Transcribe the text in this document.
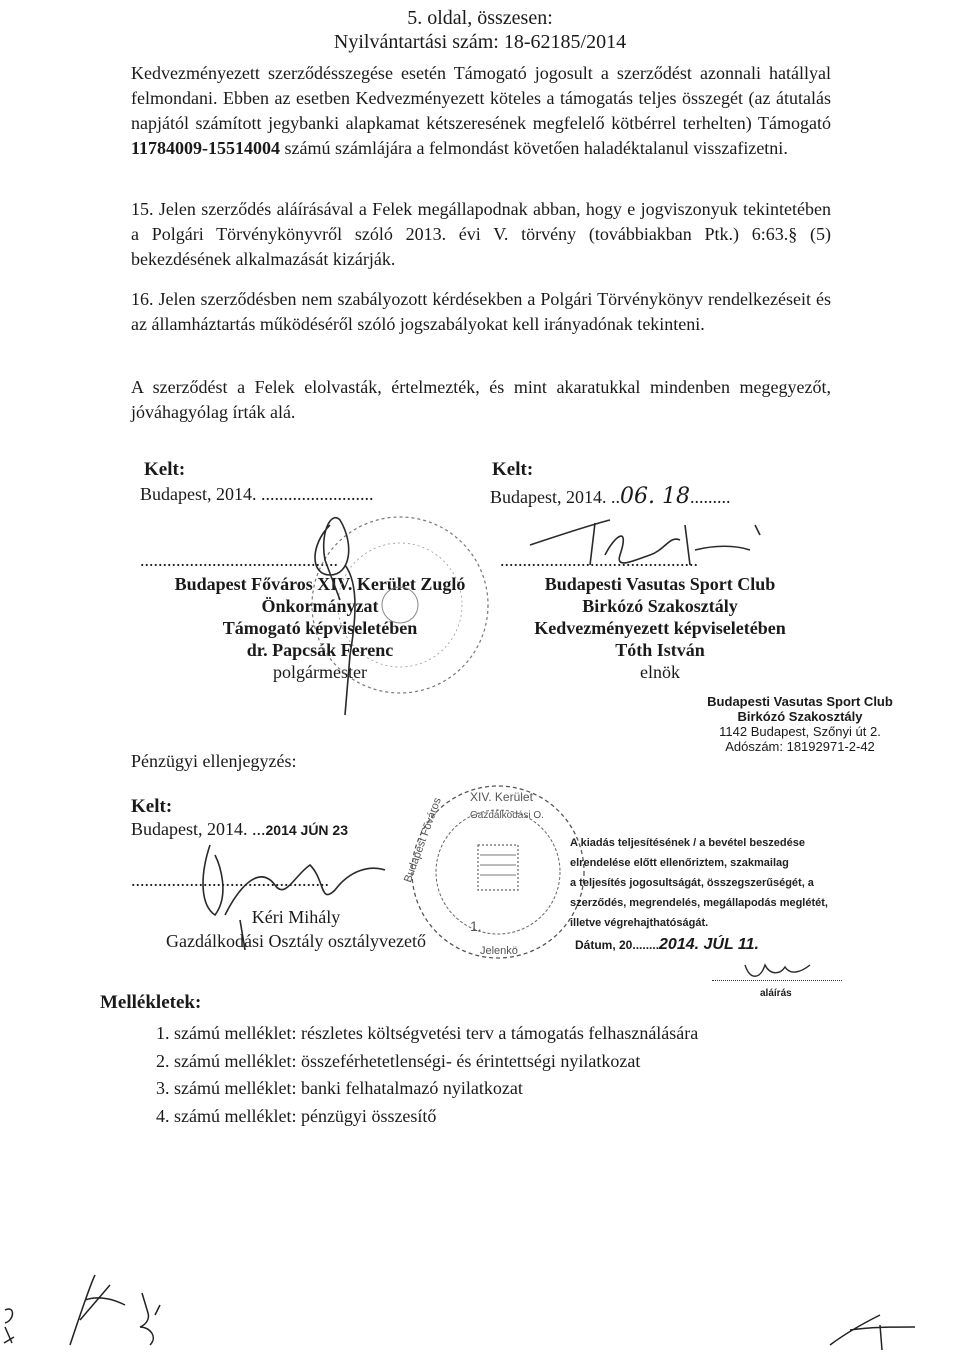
5. oldal, összesen:
Nyilvántartási szám: 18-62185/2014
Kedvezményezett szerződésszegése esetén Támogató jogosult a szerződést azonnali hatállyal felmondani. Ebben az esetben Kedvezményezett köteles a támogatás teljes összegét (az átutalás napjától számított jegybanki alapkamat kétszeresének megfelelő kötbérrel terhelten) Támogató 11784009-15514004 számú számlájára a felmondást követően haladéktalanul visszafizetni.
15. Jelen szerződés aláírásával a Felek megállapodnak abban, hogy e jogviszonyuk tekintetében a Polgári Törvénykönyvről szóló 2013. évi V. törvény (továbbiakban Ptk.) 6:63.§ (5) bekezdésének alkalmazását kizárják.
16. Jelen szerződésben nem szabályozott kérdésekben a Polgári Törvénykönyv rendelkezéseit és az államháztartás működéséről szóló jogszabályokat kell irányadónak tekinteni.
A szerződést a Felek elolvasták, értelmezték, és mint akaratukkal mindenben megegyezőt, jóváhagyólag írták alá.
Kelt:
Budapest, 2014. .........................
............................................
Budapest Főváros XIV. Kerület Zugló
Önkormányzat
Támogató képviseletében
dr. Papcsák Ferenc
polgármester
Kelt:
Budapest, 2014. ..06. 18.........
............................................
Budapesti Vasutas Sport Club
Birkózó Szakosztály
Kedvezményezett képviseletében
Tóth István
elnök
Budapesti Vasutas Sport Club
Birkózó Szakosztály
1142 Budapest, Szőnyi út 2.
Adószám: 18192971-2-42
Pénzügyi ellenjegyzés:
Kelt:
Budapest, 2014. ...2014 JÚN 23
............................................
Kéri Mihály
Gazdálkodási Osztály osztályvezető
XIV. Kerület
Budapest Főváros	Gazdálkodási O.
Jelenkö
1.
A kiadás teljesítésének / a bevétel beszedése
elrendelése előtt ellenőriztem, szakmailag
a teljesítés jogosultságát, összegszerűségét, a
szerződés, megrendelés, megállapodás meglétét,
illetve végrehajthatóságát.
Dátum, 20........2014. JÚL 11.
aláírás
Mellékletek:
1. számú melléklet: részletes költségvetési terv a támogatás felhasználására
2. számú melléklet: összeférhetetlenségi- és érintettségi nyilatkozat
3. számú melléklet: banki felhatalmazó nyilatkozat
4. számú melléklet: pénzügyi összesítő
